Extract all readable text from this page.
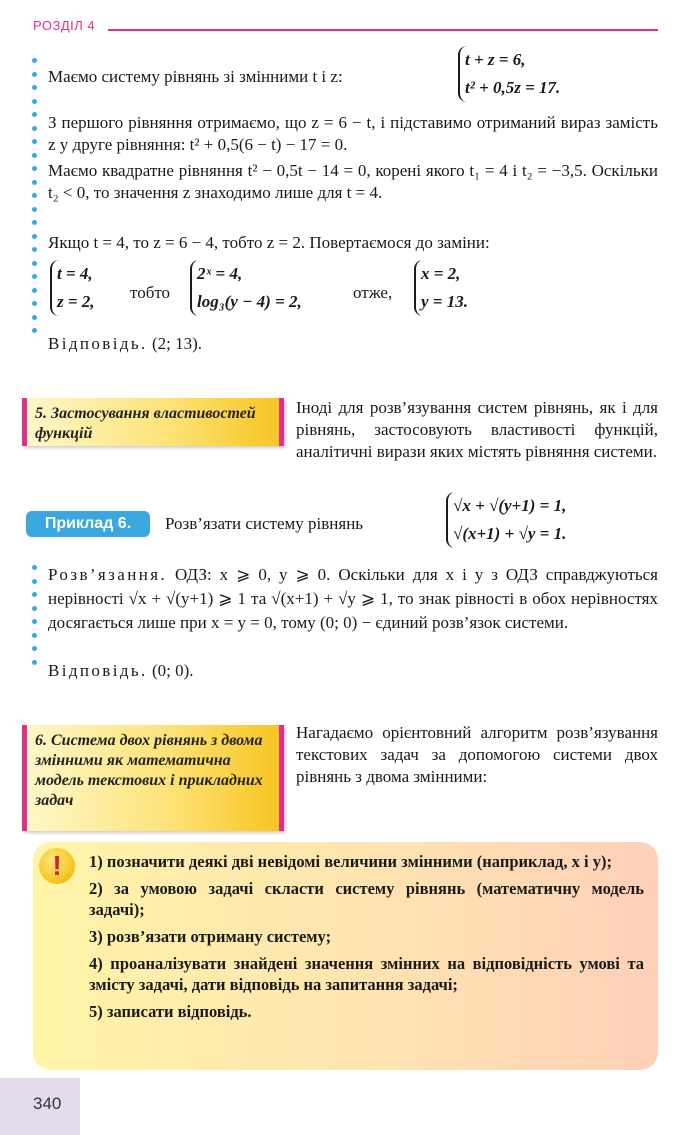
РОЗДІЛ 4
Маємо систему рівнянь зі змінними t і z:
t + z = 6,
t² + 0,5z = 17.
З першого рівняння отримаємо, що z = 6 − t, і підставимо отриманий вираз замість z у друге рівняння: t² + 0,5(6 − t) − 17 = 0.
Маємо квадратне рівняння t² − 0,5t − 14 = 0, корені якого t₁ = 4 і t₂ = −3,5. Оскільки t₂ < 0, то значення z знаходимо лише для t = 4.
Якщо t = 4, то z = 6 − 4, тобто z = 2. Повертаємося до заміни:
t = 4,
z = 2, тобто
2ˣ = 4,
log₃(y − 4) = 2,	отже,
x = 2,
y = 13.
Відповідь. (2; 13).
5. Застосування властивостей функцій
Іноді для розв’язування систем рівнянь, як і для рівнянь, застосовують властивості функцій, аналітичні вирази яких містять рівняння системи.
Приклад 6.	Розв’язати систему рівнянь
√x + √(y+1) = 1,
√(x+1) + √y = 1.
Розв’язання. ОДЗ: x ⩾ 0, y ⩾ 0. Оскільки для x і y з ОДЗ справджуються нерівності √x + √(y+1) ⩾ 1 та √(x+1) + √y ⩾ 1, то знак рівності в обох нерівностях досягається лише при x = y = 0, тому (0; 0) − єдиний розв’язок системи.
Відповідь. (0; 0).
6. Система двох рівнянь з двома змінними як математична модель текстових і прикладних задач
Нагадаємо орієнтовний алгоритм розв’язування текстових задач за допомогою системи двох рівнянь з двома змінними:
!	1) позначити деякі дві невідомі величини змінними (наприклад, x і y);
2) за умовою задачі скласти систему рівнянь (математичну модель задачі);
3) розв’язати отриману систему;
4) проаналізувати знайдені значення змінних на відповідність умові та змісту задачі, дати відповідь на запитання задачі;
5) записати відповідь.
340
